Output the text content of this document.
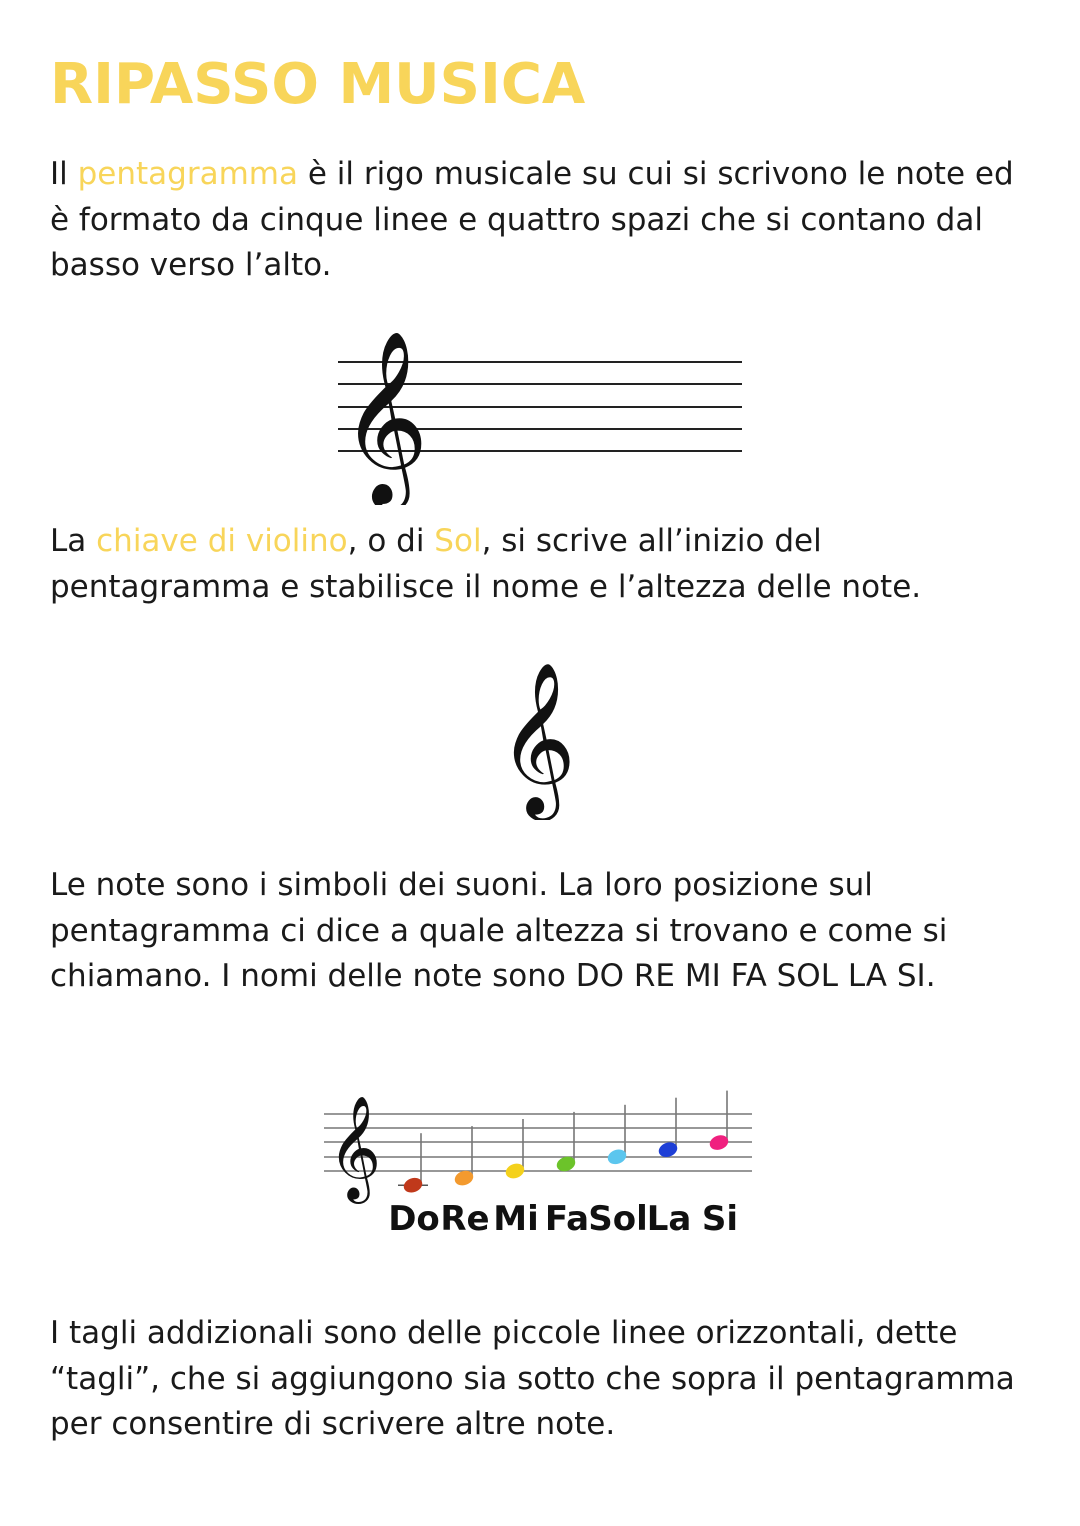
RIPASSO MUSICA

Il pentagramma è il rigo musicale su cui si scrivono le note ed è formato da cinque linee e quattro spazi che si contano dal basso verso l’alto.

𝄞

La chiave di violino, o di Sol, si scrive all’inizio del pentagramma e stabilisce il nome e l’altezza delle note.

𝄞

Le note sono i simboli dei suoni. La loro posizione sul pentagramma ci dice a quale altezza si trovano e come si chiamano. I nomi delle note sono DO RE MI FA SOL LA SI.

𝄞
Do Re Mi Fa Sol
La Si

I tagli addizionali sono delle piccole linee orizzontali, dette “tagli”, che si aggiungono sia sotto che sopra il pentagramma per consentire di scrivere altre note.
